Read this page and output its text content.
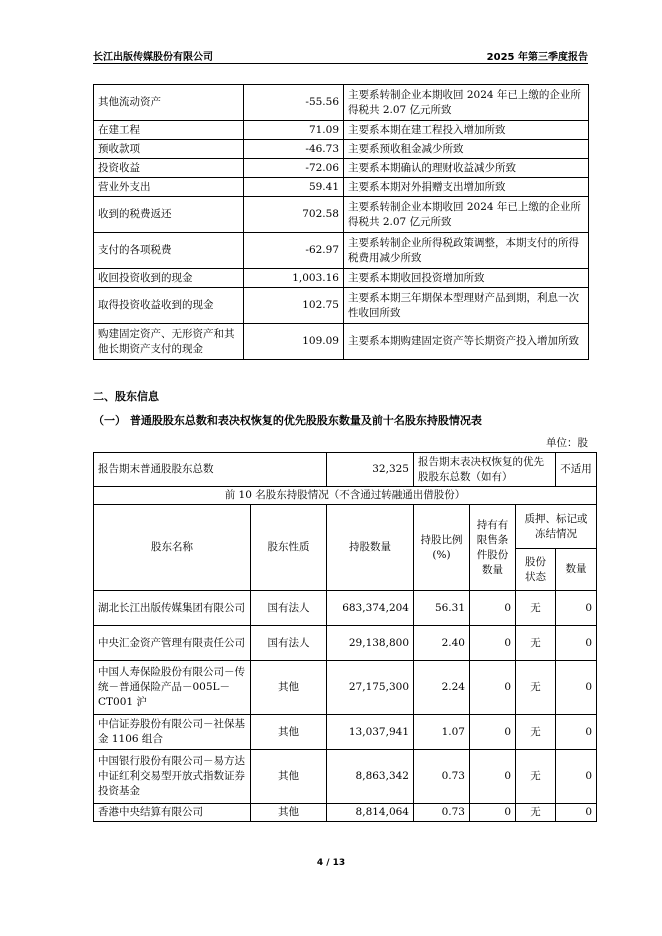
长江出版传媒股份有限公司	2025 年第三季度报告
其他流动资产	-55.56	主要系转制企业本期收回 2024 年已上缴的企业所得税共 2.07 亿元所致
在建工程	71.09	主要系本期在建工程投入增加所致
预收款项	-46.73	主要系预收租金减少所致
投资收益	-72.06	主要系本期确认的理财收益减少所致
营业外支出	59.41	主要系本期对外捐赠支出增加所致
收到的税费返还	702.58	主要系转制企业本期收回 2024 年已上缴的企业所得税共 2.07 亿元所致
支付的各项税费	-62.97	主要系转制企业所得税政策调整，本期支付的所得税费用减少所致
收回投资收到的现金	1,003.16	主要系本期收回投资增加所致
取得投资收益收到的现金	102.75	主要系本期三年期保本型理财产品到期，利息一次性收回所致
购建固定资产、无形资产和其他长期资产支付的现金	109.09	主要系本期购建固定资产等长期资产投入增加所致
二、股东信息
（一） 普通股股东总数和表决权恢复的优先股股东数量及前十名股东持股情况表
单位：股
报告期末普通股股东总数		32,325	报告期末表决权恢复的优先股股东总数（如有）			不适用
前 10 名股东持股情况（不含通过转融通出借股份）						
股东名称	股东性质	持股数量	持股比例(%)	持有有限售条件股份数量	质押、标记或冻结情况	
					股份状态	数量
湖北长江出版传媒集团有限公司	国有法人	683,374,204	56.31	0	无	0
中央汇金资产管理有限责任公司	国有法人	29,138,800	2.40	0	无	0
中国人寿保险股份有限公司－传统－普通保险产品－005L－CT001 沪	其他	27,175,300	2.24	0	无	0
中信证券股份有限公司－社保基金 1106 组合	其他	13,037,941	1.07	0	无	0
中国银行股份有限公司－易方达中证红利交易型开放式指数证券投资基金	其他	8,863,342	0.73	0	无	0
香港中央结算有限公司	其他	8,814,064	0.73	0	无	0
4 / 13
